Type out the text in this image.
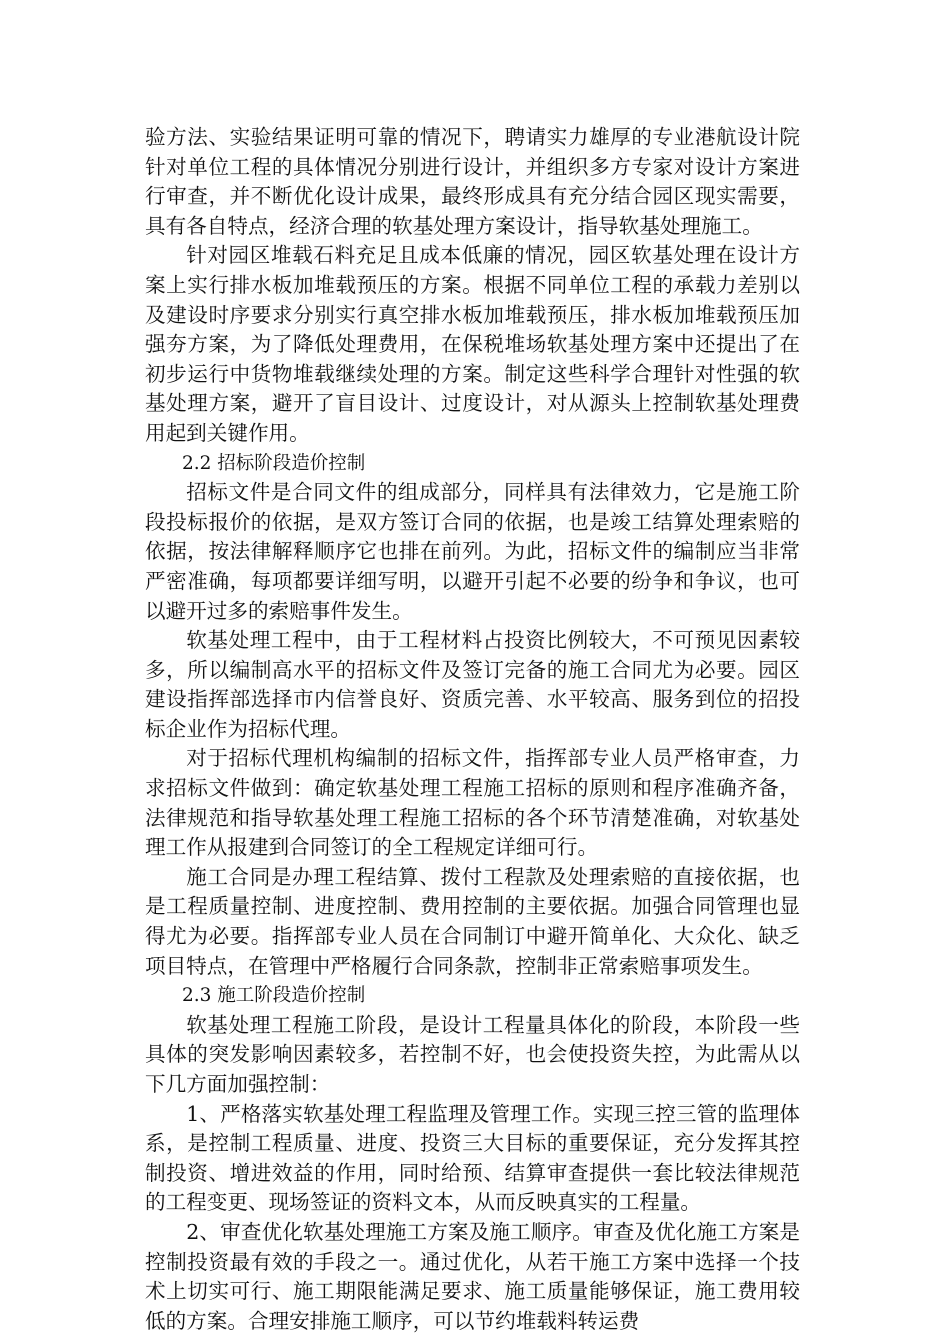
验方法、实验结果证明可靠的情况下，聘请实力雄厚的专业港航设计院针对单位工程的具体情况分别进行设计，并组织多方专家对设计方案进行审查，并不断优化设计成果，最终形成具有充分结合园区现实需要，具有各自特点，经济合理的软基处理方案设计，指导软基处理施工。

针对园区堆载石料充足且成本低廉的情况，园区软基处理在设计方案上实行排水板加堆载预压的方案。根据不同单位工程的承载力差别以及建设时序要求分别实行真空排水板加堆载预压，排水板加堆载预压加强夯方案，为了降低处理费用，在保税堆场软基处理方案中还提出了在初步运行中货物堆载继续处理的方案。制定这些科学合理针对性强的软基处理方案，避开了盲目设计、过度设计，对从源头上控制软基处理费用起到关键作用。

2.2 招标阶段造价控制

招标文件是合同文件的组成部分，同样具有法律效力，它是施工阶段投标报价的依据，是双方签订合同的依据，也是竣工结算处理索赔的依据，按法律解释顺序它也排在前列。为此，招标文件的编制应当非常严密准确，每项都要详细写明，以避开引起不必要的纷争和争议，也可以避开过多的索赔事件发生。

软基处理工程中，由于工程材料占投资比例较大，不可预见因素较多，所以编制高水平的招标文件及签订完备的施工合同尤为必要。园区建设指挥部选择市内信誉良好、资质完善、水平较高、服务到位的招投标企业作为招标代理。

对于招标代理机构编制的招标文件，指挥部专业人员严格审查，力求招标文件做到：确定软基处理工程施工招标的原则和程序准确齐备，法律规范和指导软基处理工程施工招标的各个环节清楚准确，对软基处理工作从报建到合同签订的全工程规定详细可行。

施工合同是办理工程结算、拨付工程款及处理索赔的直接依据，也是工程质量控制、进度控制、费用控制的主要依据。加强合同管理也显得尤为必要。指挥部专业人员在合同制订中避开简单化、大众化、缺乏项目特点，在管理中严格履行合同条款，控制非正常索赔事项发生。

2.3 施工阶段造价控制

软基处理工程施工阶段，是设计工程量具体化的阶段，本阶段一些具体的突发影响因素较多，若控制不好，也会使投资失控，为此需从以下几方面加强控制：

1、严格落实软基处理工程监理及管理工作。实现三控三管的监理体系，是控制工程质量、进度、投资三大目标的重要保证，充分发挥其控制投资、增进效益的作用，同时给预、结算审查提供一套比较法律规范的工程变更、现场签证的资料文本，从而反映真实的工程量。

2、审查优化软基处理施工方案及施工顺序。审查及优化施工方案是控制投资最有效的手段之一。通过优化，从若干施工方案中选择一个技术上切实可行、施工期限能满足要求、施工质量能够保证，施工费用较低的方案。合理安排施工顺序，可以节约堆载料转运费
